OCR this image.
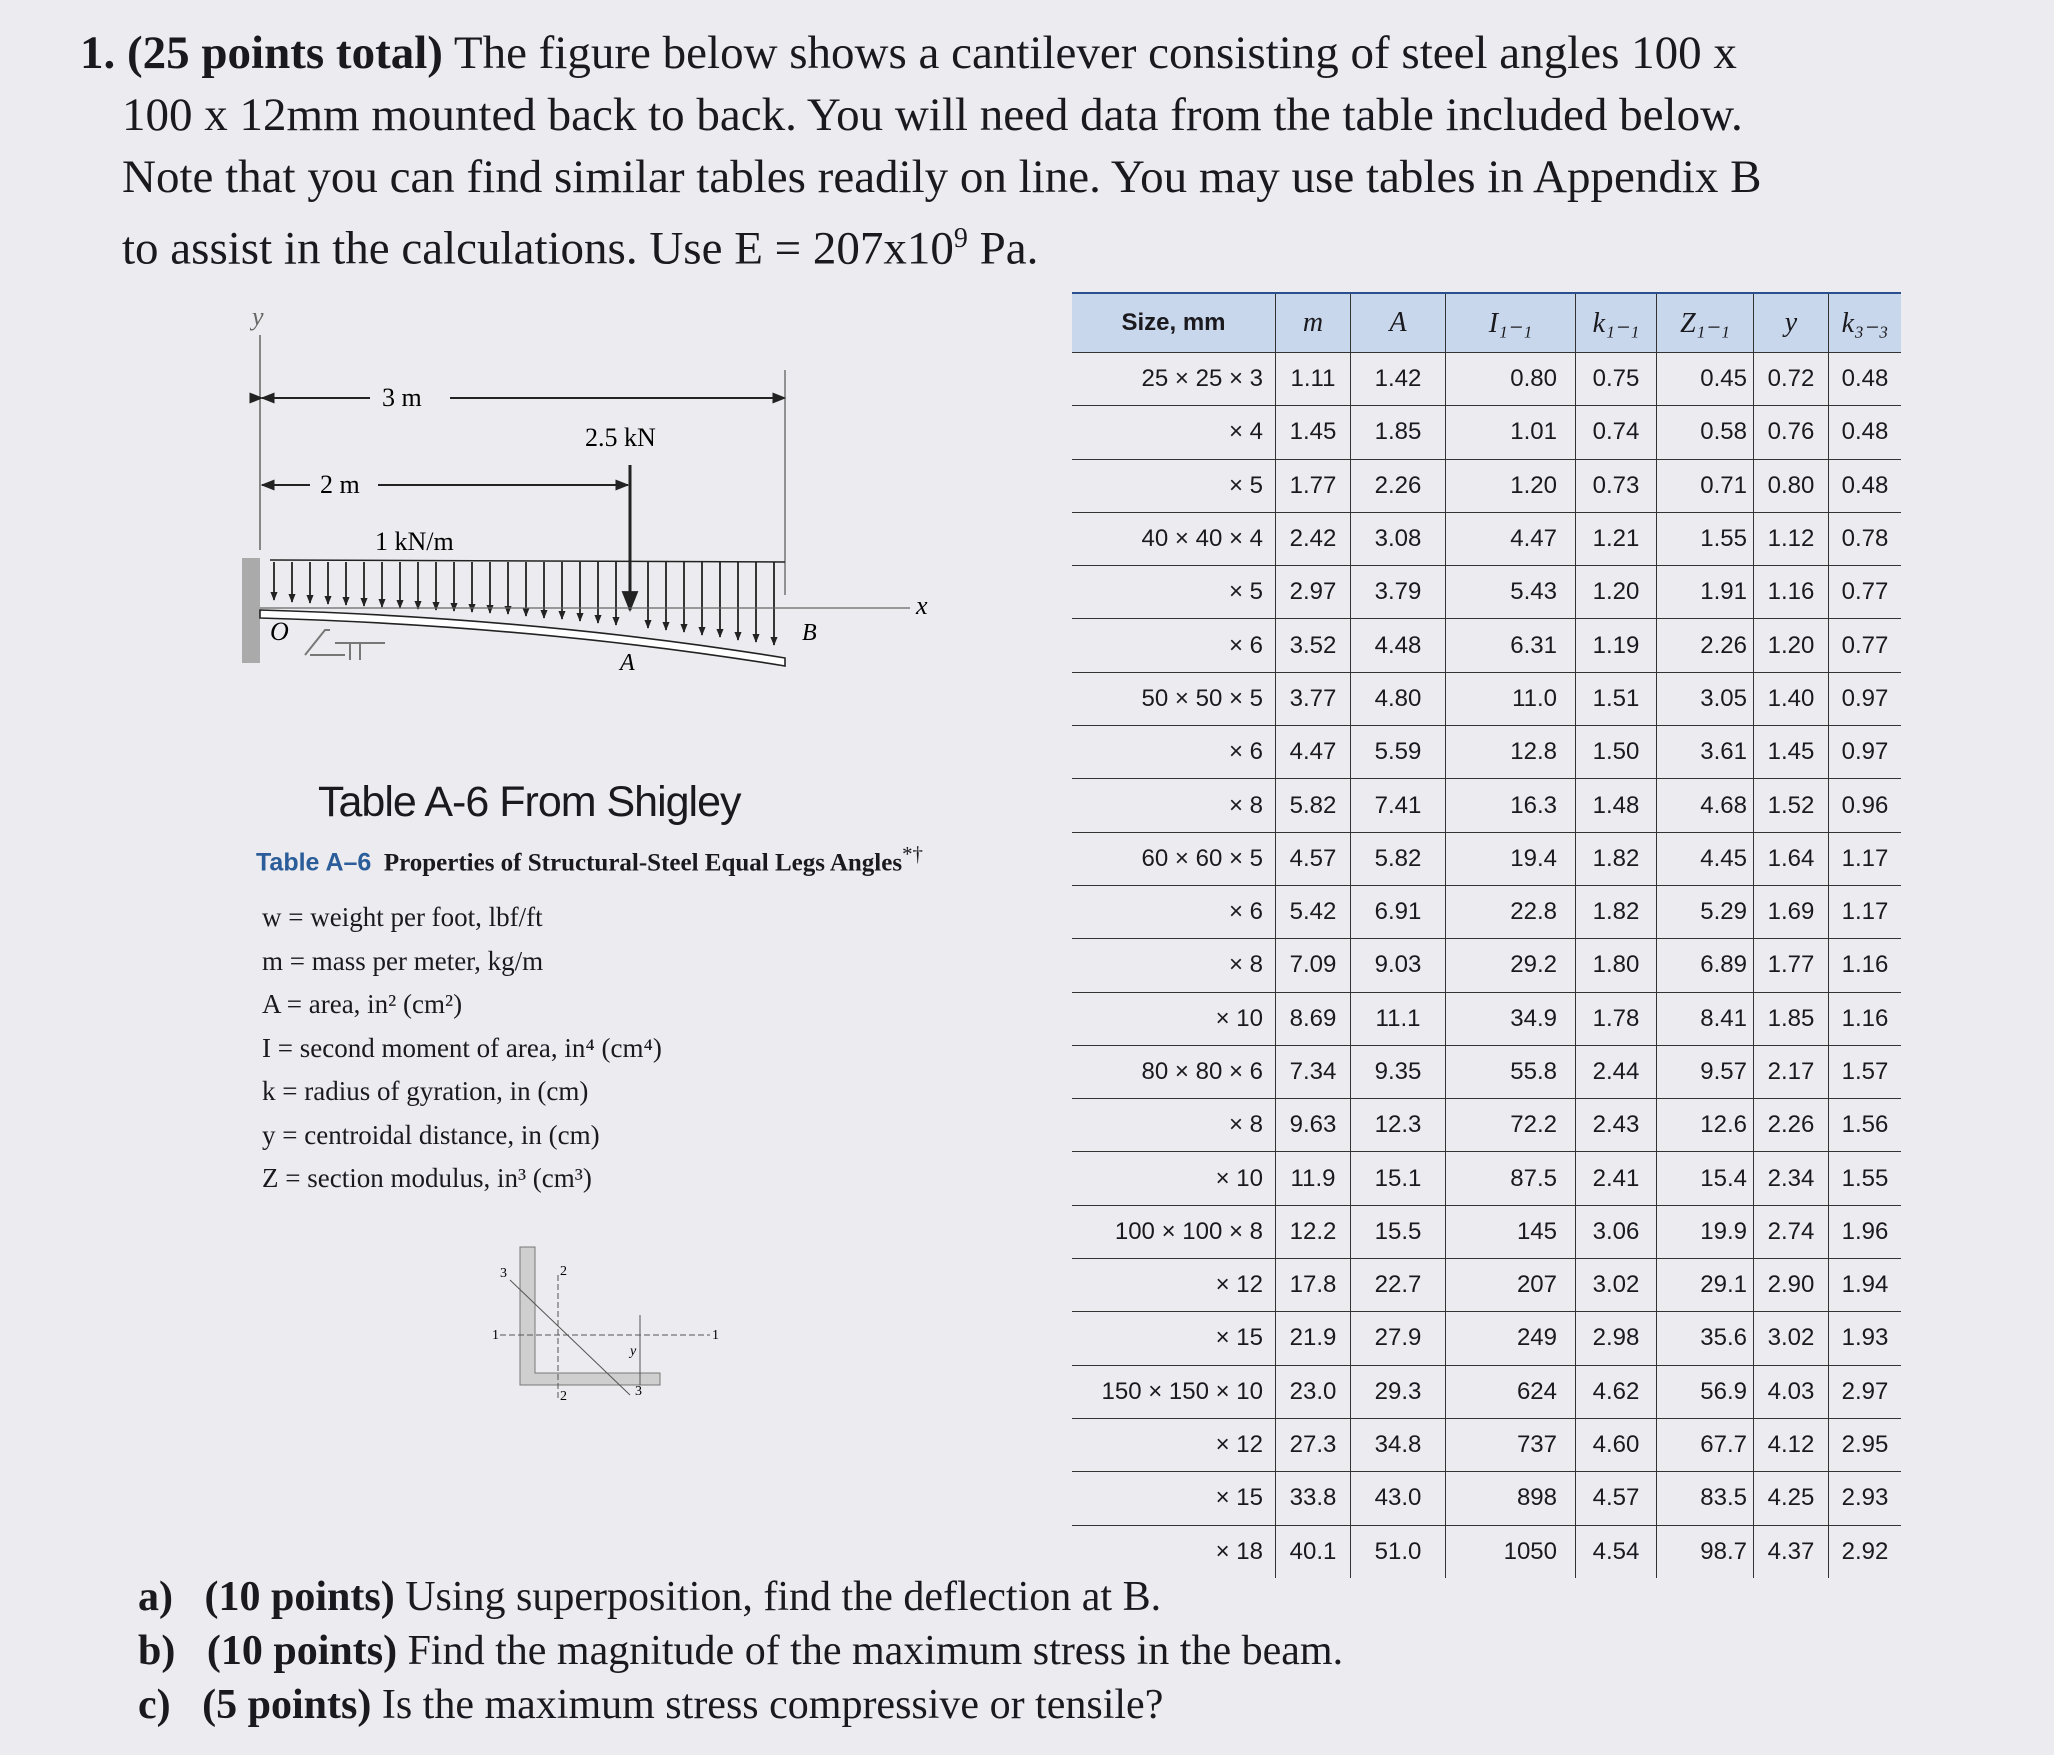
1. (25 points total) The figure below shows a cantilever consisting of steel angles 100 x
100 x 12mm mounted back to back. You will need data from the table included below.
Note that you can find similar tables readily on line. You may use tables in Appendix B
to assist in the calculations. Use $E = 207x10^9$ Pa.
y
3 m
2.5 kN
2 m
1 kN/m
x
O
A
B
Table A-6 From Shigley
Table A–6 Properties of Structural-Steel Equal Legs Angles*†
w = weight per foot, lbf/ft
m = mass per meter, kg/m
A = area, in² (cm²)
I = second moment of area, in⁴ (cm⁴)
k = radius of gyration, in (cm)
y = centroidal distance, in (cm)
Z = section modulus, in³ (cm³)
3	2
1	1
y
2	3
Size, mm	m	A	I₁₋₁	k₁₋₁	Z₁₋₁	y	k₃₋₃
25 × 25 × 3	1.11	1.42	0.80	0.75	0.45	0.72	0.48
× 4	1.45	1.85	1.01	0.74	0.58	0.76	0.48
× 5	1.77	2.26	1.20	0.73	0.71	0.80	0.48
40 × 40 × 4	2.42	3.08	4.47	1.21	1.55	1.12	0.78
× 5	2.97	3.79	5.43	1.20	1.91	1.16	0.77
× 6	3.52	4.48	6.31	1.19	2.26	1.20	0.77
50 × 50 × 5	3.77	4.80	11.0	1.51	3.05	1.40	0.97
× 6	4.47	5.59	12.8	1.50	3.61	1.45	0.97
× 8	5.82	7.41	16.3	1.48	4.68	1.52	0.96
60 × 60 × 5	4.57	5.82	19.4	1.82	4.45	1.64	1.17
× 6	5.42	6.91	22.8	1.82	5.29	1.69	1.17
× 8	7.09	9.03	29.2	1.80	6.89	1.77	1.16
× 10	8.69	11.1	34.9	1.78	8.41	1.85	1.16
80 × 80 × 6	7.34	9.35	55.8	2.44	9.57	2.17	1.57
× 8	9.63	12.3	72.2	2.43	12.6	2.26	1.56
× 10	11.9	15.1	87.5	2.41	15.4	2.34	1.55
100 × 100 × 8	12.2	15.5	145	3.06	19.9	2.74	1.96
× 12	17.8	22.7	207	3.02	29.1	2.90	1.94
× 15	21.9	27.9	249	2.98	35.6	3.02	1.93
150 × 150 × 10	23.0	29.3	624	4.62	56.9	4.03	2.97
× 12	27.3	34.8	737	4.60	67.7	4.12	2.95
× 15	33.8	43.0	898	4.57	83.5	4.25	2.93
× 18	40.1	51.0	1050	4.54	98.7	4.37	2.92
a) (10 points) Using superposition, find the deflection at B.
b) (10 points) Find the magnitude of the maximum stress in the beam.
c) (5 points) Is the maximum stress compressive or tensile?
